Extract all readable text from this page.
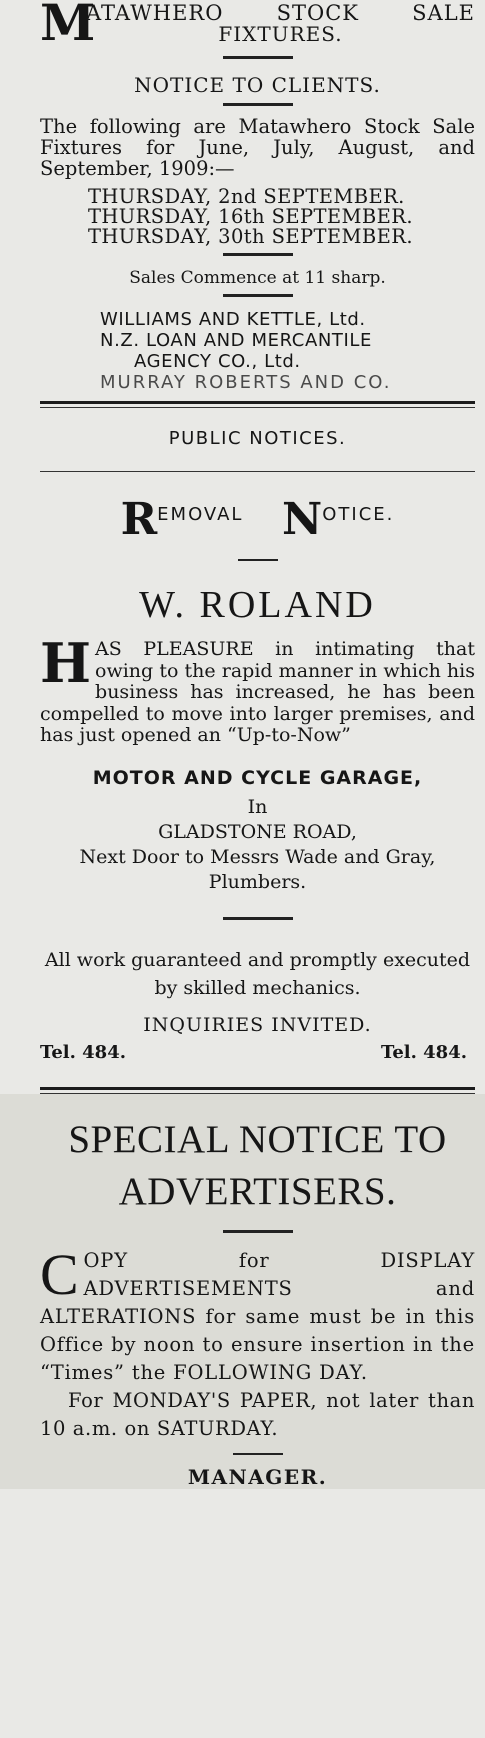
M
ATAWHERO	STOCK	SALE
FIXTURES.
NOTICE TO CLIENTS.

The following are Matawhero Stock Sale Fixtures for June, July, August, and September, 1909:—

THURSDAY, 2nd SEPTEMBER.
THURSDAY, 16th SEPTEMBER.
THURSDAY, 30th SEPTEMBER.
Sales Commence at 11 sharp.
WILLIAMS AND KETTLE, Ltd.
N.Z. LOAN AND MERCANTILE
AGENCY CO., Ltd.
MURRAY ROBERTS AND CO.
PUBLIC NOTICES.
REMOVAL NOTICE.
W. ROLAND
H AS PLEASURE in intimating that owing to the rapid manner in which his business has increased, he has been compelled to move into larger premises, and has just opened an “Up-to-Now”
MOTOR AND CYCLE GARAGE,
In
GLADSTONE ROAD,
Next Door to Messrs Wade and Gray,
Plumbers.

All work guaranteed and promptly executed by skilled mechanics.

INQUIRIES INVITED.
Tel. 484.	Tel. 484.
SPECIAL NOTICE TO
ADVERTISERS.
C OPY for DISPLAY ADVERTISEMENTS and ALTERATIONS for same must be in this Office by noon to ensure insertion in the “Times” the FOLLOWING DAY.

For MONDAY'S PAPER, not later than 10 a.m. on SATURDAY.

MANAGER.
